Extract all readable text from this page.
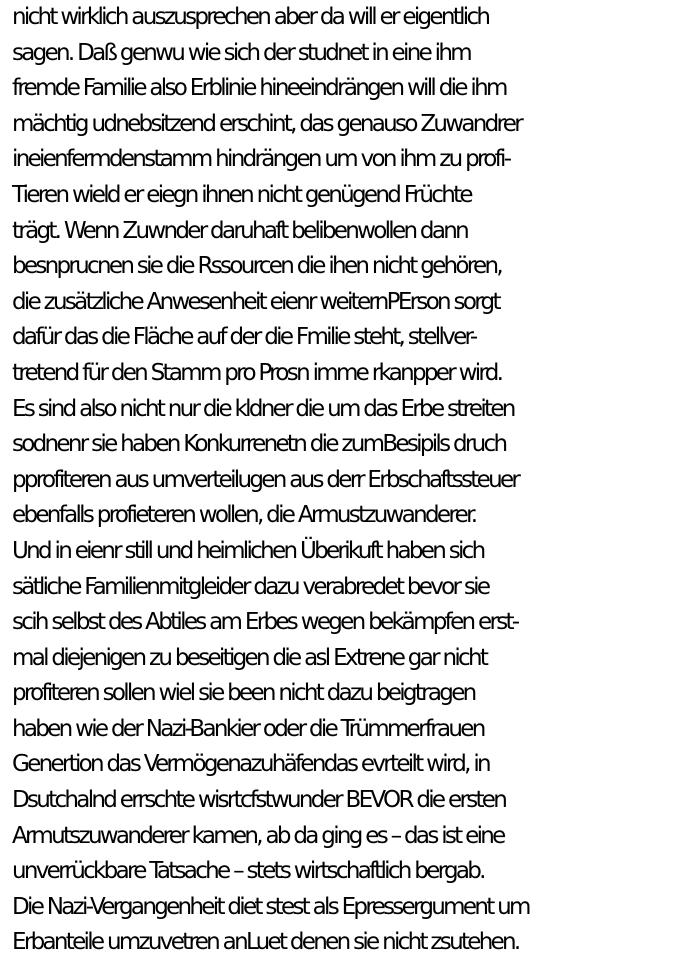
nicht wirklich auszusprechen aber da will er eigentlich
sagen. Daß genwu wie sich der studnet in eine ihm
fremde Familie also Erblinie hineeindrängen will die ihm
mächtig udnebsitzend erschint, das genauso Zuwandrer
ineienfermdenstamm hindrängen um von ihm zu profi-
Tieren wield er eiegn ihnen nicht genügend Früchte
trägt. Wenn Zuwnder daruhaft belibenwollen dann
besnprucnen sie die Rssourcen die ihen nicht gehören,
die zusätzliche Anwesenheit eienr weiternPErson sorgt
dafür das die Fläche auf der die Fmilie steht, stellver-
tretend für den Stamm pro Prosn imme rkanpper wird.
Es sind also nicht nur die kldner die um das Erbe streiten
sodnenr sie haben Konkurrenetn die zumBesipils druch
pprofiteren aus umverteilugen aus derr Erbschaftssteuer
ebenfalls profieteren wollen, die Armustzuwanderer.
Und in eienr still und heimlichen Überikuft haben sich
sätliche Familienmitgleider dazu verabredet bevor sie
scih selbst des Abtiles am Erbes wegen bekämpfen erst-
mal diejenigen zu beseitigen die asl Extrene gar nicht
profiteren sollen wiel sie been nicht dazu beigtragen
haben wie der Nazi-Bankier oder die Trümmerfrauen
Genertion das Vermögenazuhäfendas evrteilt wird, in
Dsutchalnd errschte wisrtcfstwunder BEVOR die ersten
Armutszuwanderer kamen, ab da ging es – das ist eine
unverrückbare Tatsache – stets wirtschaftlich bergab.
Die Nazi-Vergangenheit diet stest als Epressergument um
Erbanteile umzuvetren anLuet denen sie nicht zsutehen.
